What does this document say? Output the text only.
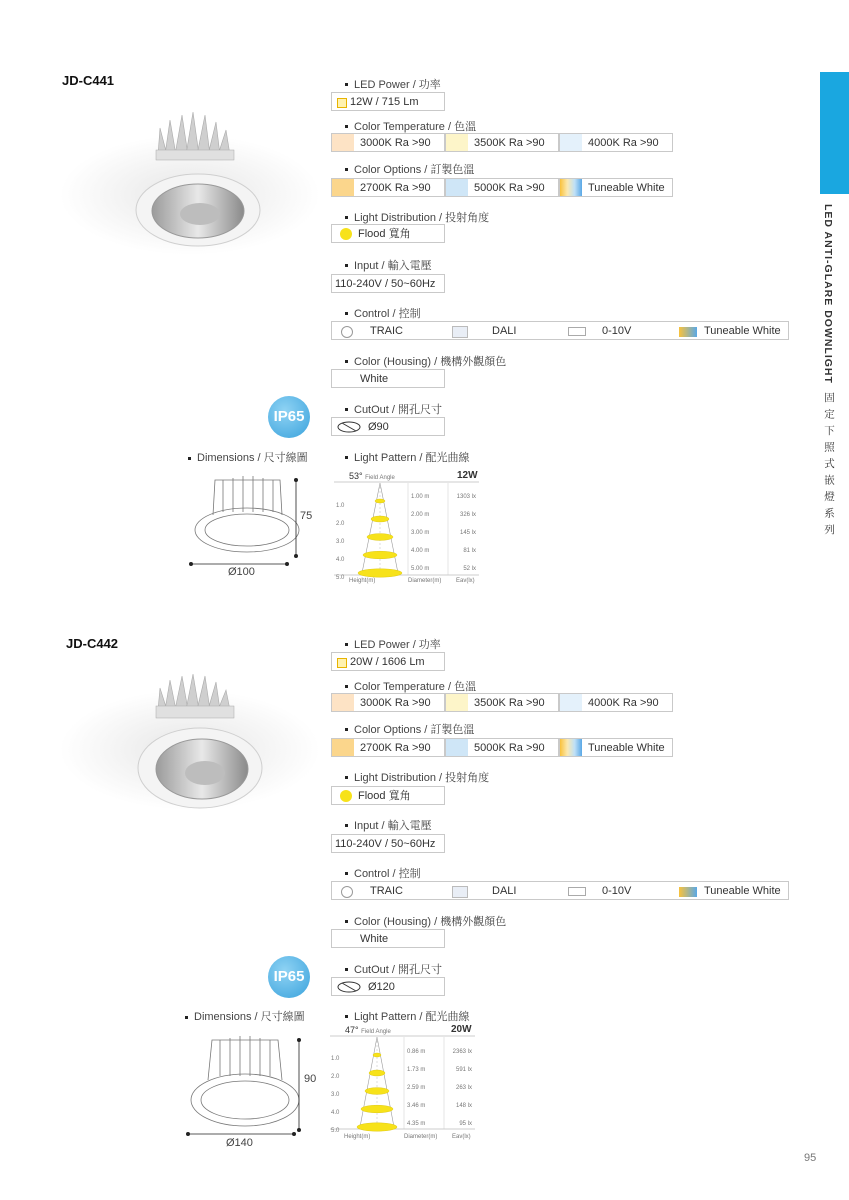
LED ANTI-GLARE DOWNLIGHT
固定下照式嵌燈系列
95
JD-C441	LED Power / 功率
12W / 715 Lm
Color Temperature / 色溫
3000K Ra >90	3500K Ra >90	4000K Ra >90
Color Options / 訂製色溫
2700K Ra >90	5000K Ra >90	Tuneable White
Light Distribution / 投射角度
Flood 寬角
Input / 輸入電壓
110-240V / 50~60Hz
Control / 控制
TRAIC	DALI	0-10V	Tuneable White
Color (Housing) / 機構外觀顏色
White
IP65	CutOut / 開孔尺寸
Ø90
Dimensions / 尺寸線圖
75
Ø100
Light Pattern / 配光曲線
53° Field Angle	12W
1.0
2.0
3.0
4.0
5.0
1.00 m
2.00 m
3.00 m
4.00 m
5.00 m
1303 lx
326 lx
145 lx
81 lx
52 lx
Height(m)	Diameter(m) Eav(lx)
JD-C442	LED Power / 功率
20W / 1606 Lm
Color Temperature / 色溫
3000K Ra >90	3500K Ra >90	4000K Ra >90
Color Options / 訂製色溫
2700K Ra >90	5000K Ra >90	Tuneable White
Light Distribution / 投射角度
Flood 寬角
Input / 輸入電壓
110-240V / 50~60Hz
Control / 控制
TRAIC	DALI	0-10V	Tuneable White
Color (Housing) / 機構外觀顏色
White
IP65	CutOut / 開孔尺寸
Ø120
Dimensions / 尺寸線圖
90
Ø140
Light Pattern / 配光曲線
47° Field Angle	20W
1.0
2.0
3.0
4.0
5.0
0.86 m
1.73 m
2.59 m
3.46 m
4.35 m
2363 lx
591 lx
263 lx
148 lx
95 lx
Height(m)	Diameter(m) Eav(lx)
